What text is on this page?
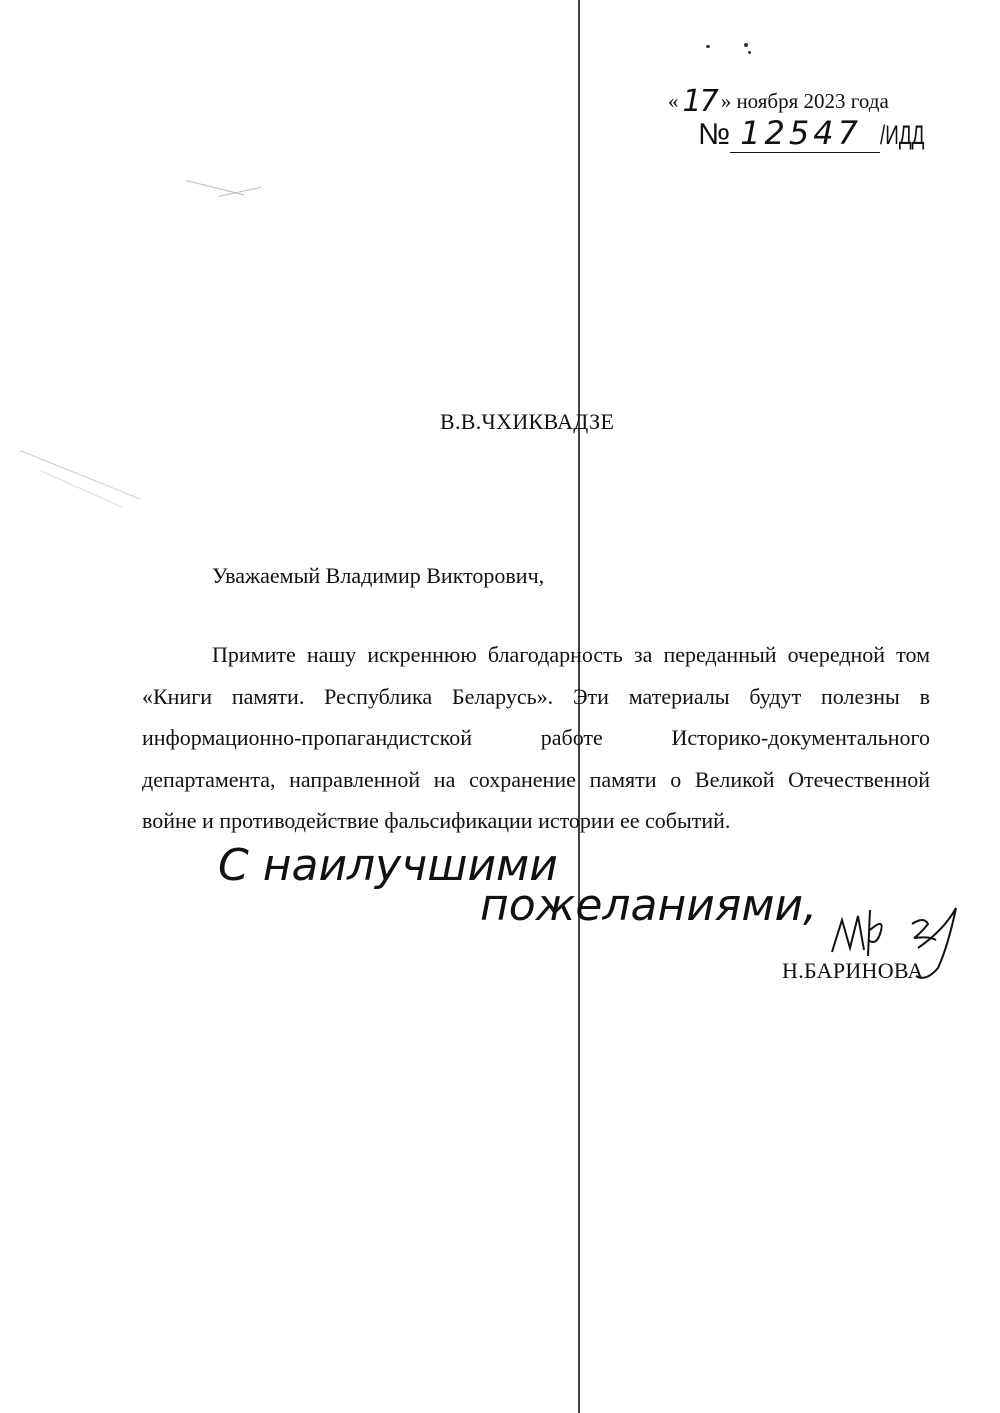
« 17 » ноября 2023 года
№ 12547 /ИДД
В.В.ЧХИКВАДЗЕ
Уважаемый Владимир Викторович,

Примите нашу искреннюю благодарность за переданный очередной том «Книги памяти. Республика Беларусь». Эти материалы будут полезны в информационно-пропагандистской работе Историко-документального департамента, направленной на сохранение памяти о Великой Отечественной войне и противодействие фальсификации истории ее событий.

С наилучшими
пожеланиями,
Н.БАРИНОВА
